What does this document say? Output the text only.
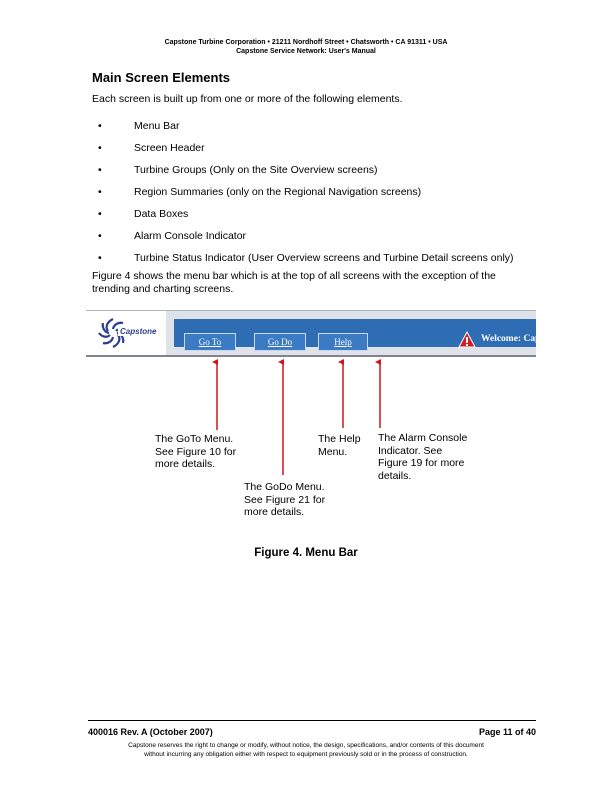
Capstone Turbine Corporation • 21211 Nordhoff Street • Chatsworth • CA 91311 • USA
Capstone Service Network: User's Manual
Main Screen Elements
Each screen is built up from one or more of the following elements.
•	Menu Bar
•	Screen Header
•	Turbine Groups (Only on the Site Overview screens)
•	Region Summaries (only on the Regional Navigation screens)
•	Data Boxes
•	Alarm Console Indicator
•	Turbine Status Indicator (User Overview screens and Turbine Detail screens only)
Figure 4 shows the menu bar which is at the top of all screens with the exception of the trending and charting screens.
Capstone
Go To	Go Do	Help	Welcome: Capstone Superuser
The GoTo Menu.
See Figure 10 for
more details.
The GoDo Menu.
See Figure 21 for
more details.
The Help
Menu.
The Alarm Console
Indicator. See
Figure 19 for more
details.
Figure 4. Menu Bar
400016 Rev. A (October 2007)	Page 11 of 40
Capstone reserves the right to change or modify, without notice, the design, specifications, and/or contents of this document
without incurring any obligation either with respect to equipment previously sold or in the process of construction.
